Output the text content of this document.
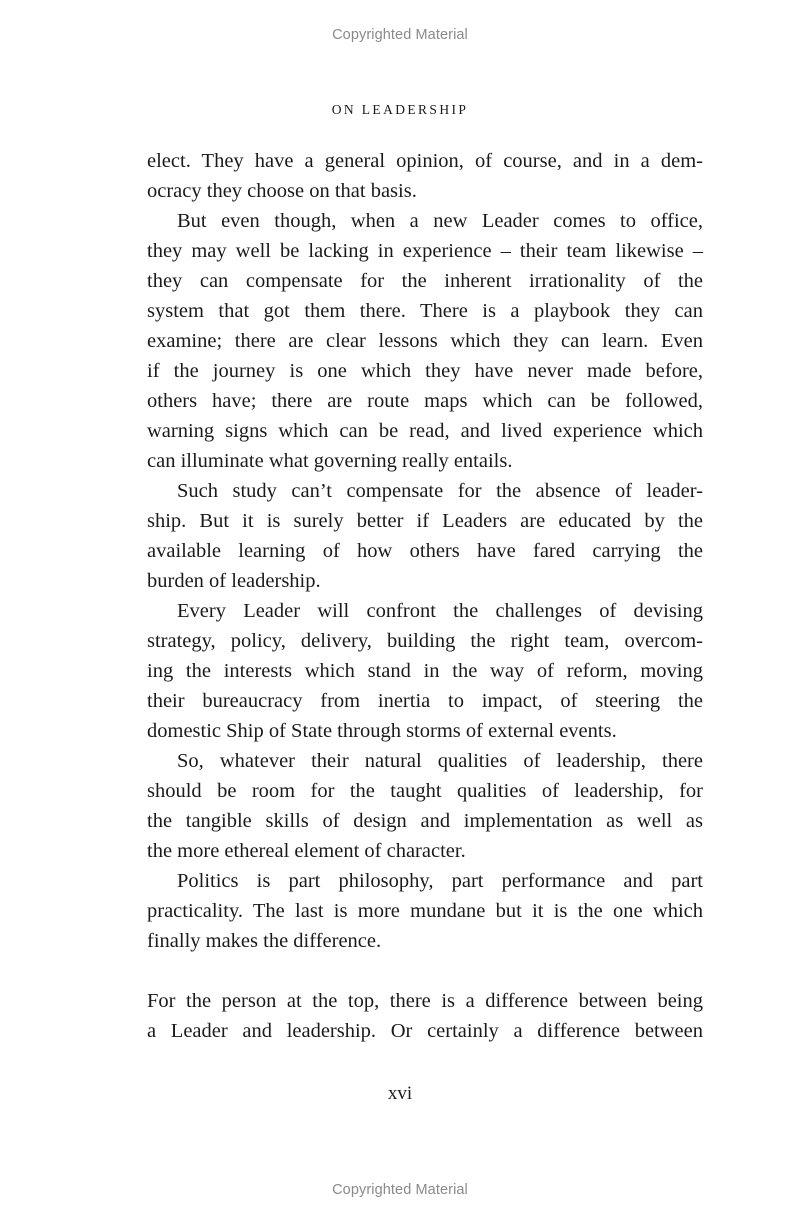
Copyrighted Material
ON LEADERSHIP
elect. They have a general opinion, of course, and in a dem-
ocracy they choose on that basis.
But even though, when a new Leader comes to office,
they may well be lacking in experience – their team likewise –
they can compensate for the inherent irrationality of the
system that got them there. There is a playbook they can
examine; there are clear lessons which they can learn. Even
if the journey is one which they have never made before,
others have; there are route maps which can be followed,
warning signs which can be read, and lived experience which
can illuminate what governing really entails.
Such study can’t compensate for the absence of leader-
ship. But it is surely better if Leaders are educated by the
available learning of how others have fared carrying the
burden of leadership.
Every Leader will confront the challenges of devising
strategy, policy, delivery, building the right team, overcom-
ing the interests which stand in the way of reform, moving
their bureaucracy from inertia to impact, of steering the
domestic Ship of State through storms of external events.
So, whatever their natural qualities of leadership, there
should be room for the taught qualities of leadership, for
the tangible skills of design and implementation as well as
the more ethereal element of character.
Politics is part philosophy, part performance and part
practicality. The last is more mundane but it is the one which
finally makes the difference.
For the person at the top, there is a difference between being
a Leader and leadership. Or certainly a difference between
xvi
Copyrighted Material
